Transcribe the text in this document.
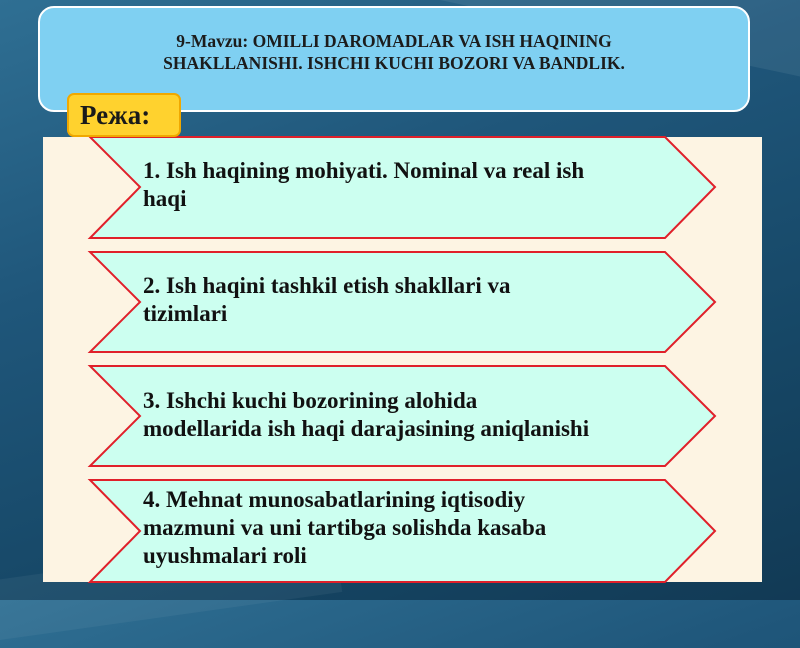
9-Mavzu: OMILLI DAROMADLAR VA ISH HAQINING
SHAKLLANISHI. ISHCHI KUCHI BOZORI VA BANDLIK.
Режа:
1. Ish haqining mohiyati. Nominal va real ish
haqi
2. Ish haqini tashkil etish shakllari va
tizimlari
3. Ishchi kuchi bozorining alohida
modellarida ish haqi darajasining aniqlanishi
4. Mehnat munosabatlarining iqtisodiy
mazmuni va uni tartibga solishda kasaba
uyushmalari roli
